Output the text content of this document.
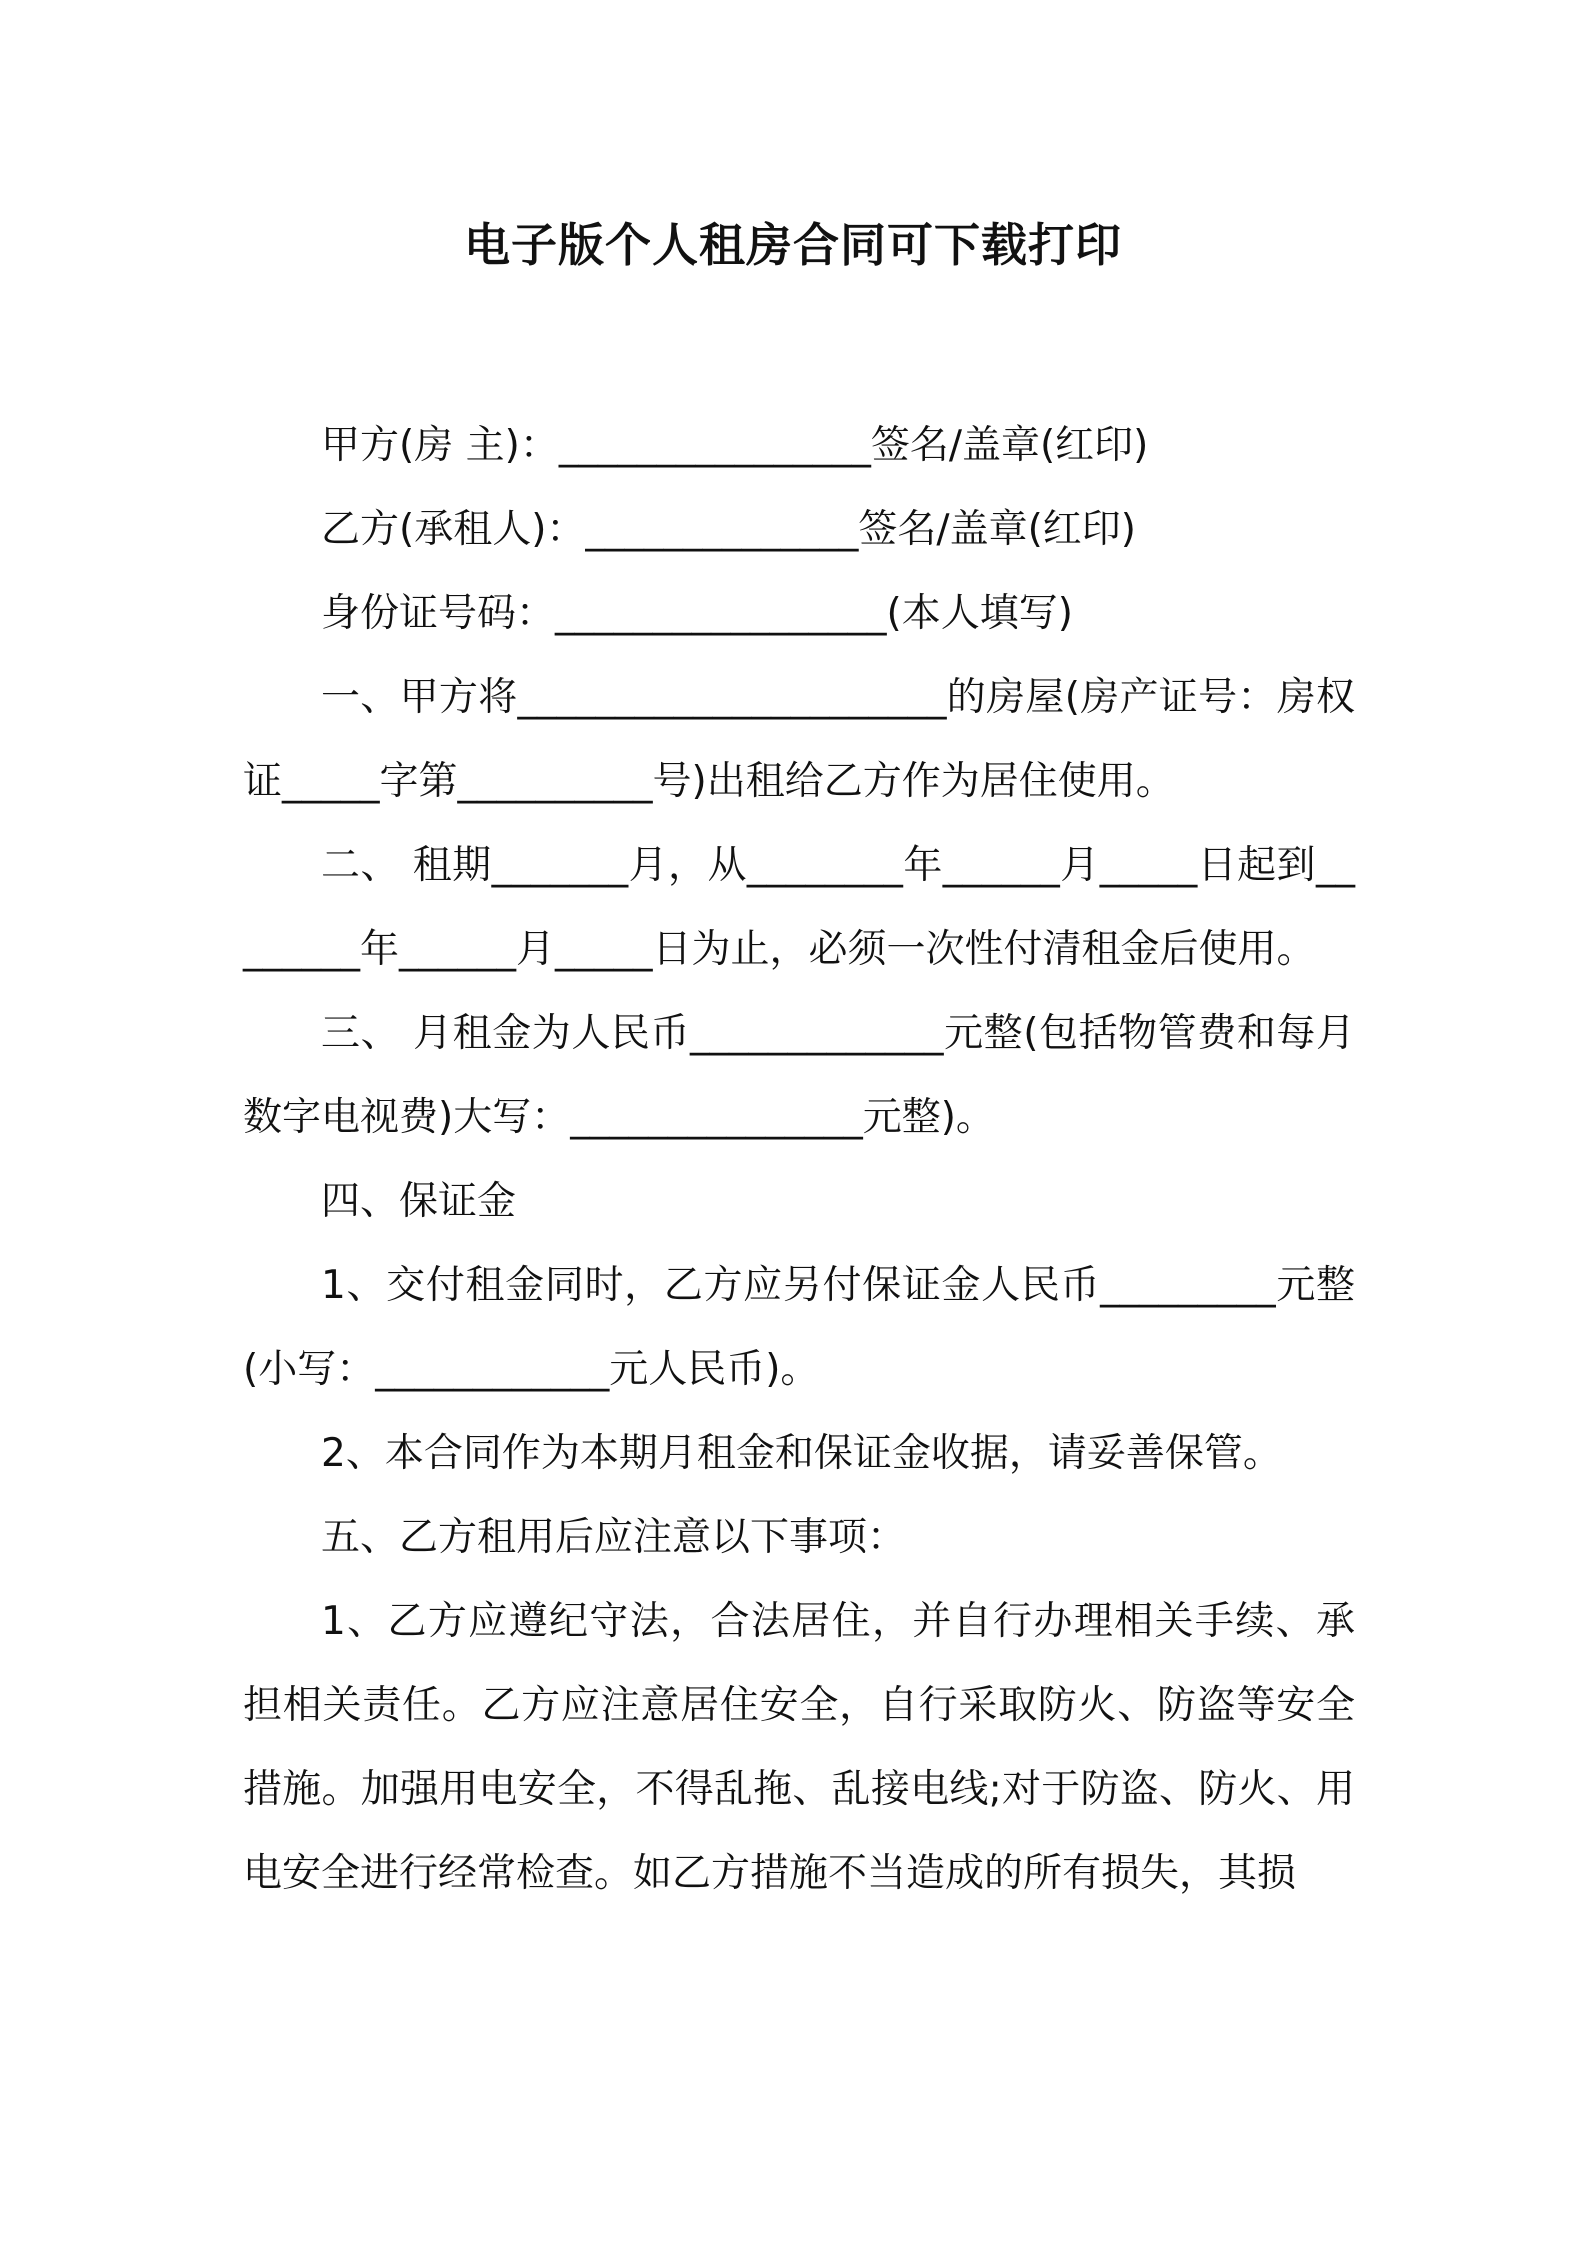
电子版个人租房合同可下载打印

甲方(房 主)：________________签名/盖章(红印)

乙方(承租人)：______________签名/盖章(红印)

身份证号码：_________________(本人填写)

一、甲方将______________________的房屋(房产证号：房权证_____字第__________号)出租给乙方作为居住使用。

二、 租期_______月，从________年______月_____日起到________年______月_____日为止，必须一次性付清租金后使用。

三、 月租金为人民币_____________元整(包括物管费和每月数字电视费)大写：_______________元整)。

四、保证金

1、交付租金同时，乙方应另付保证金人民币_________元整(小写：____________元人民币)。

2、本合同作为本期月租金和保证金收据，请妥善保管。

五、乙方租用后应注意以下事项：

1、乙方应遵纪守法，合法居住，并自行办理相关手续、承担相关责任。乙方应注意居住安全，自行采取防火、防盗等安全措施。加强用电安全，不得乱拖、乱接电线;对于防盗、防火、用电安全进行经常检查。如乙方措施不当造成的所有损失，其损
